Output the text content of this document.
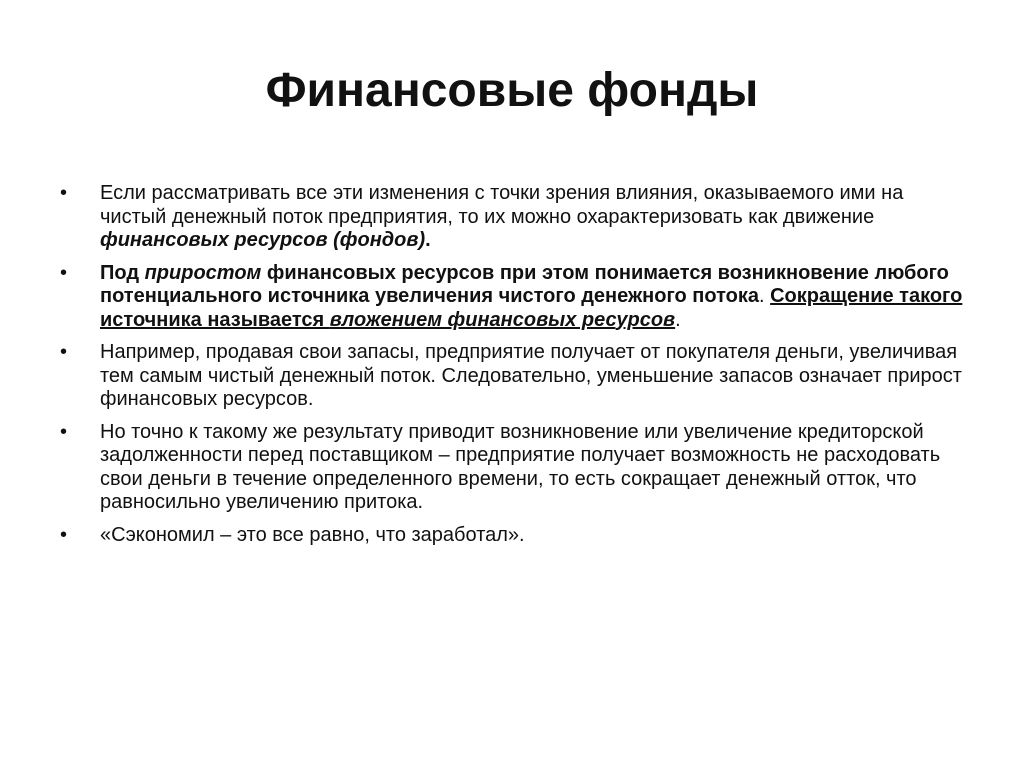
Финансовые фонды
• Если рассматривать все эти изменения с точки зрения влияния, оказываемого ими на чистый денежный поток предприятия, то их можно охарактеризовать как движение финансовых ресурсов (фондов).
• Под приростом финансовых ресурсов при этом понимается возникновение любого потенциального источника увеличения чистого денежного потока. Сокращение такого источника называется вложением финансовых ресурсов.
• Например, продавая свои запасы, предприятие получает от покупателя деньги, увеличивая тем самым чистый денежный поток. Следовательно, уменьшение запасов означает прирост финансовых ресурсов.
• Но точно к такому же результату приводит возникновение или увеличение кредиторской задолженности перед поставщиком – предприятие получает возможность не расходовать свои деньги в течение определенного времени, то есть сокращает денежный отток, что равносильно увеличению притока.
• «Сэкономил – это все равно, что заработал».
